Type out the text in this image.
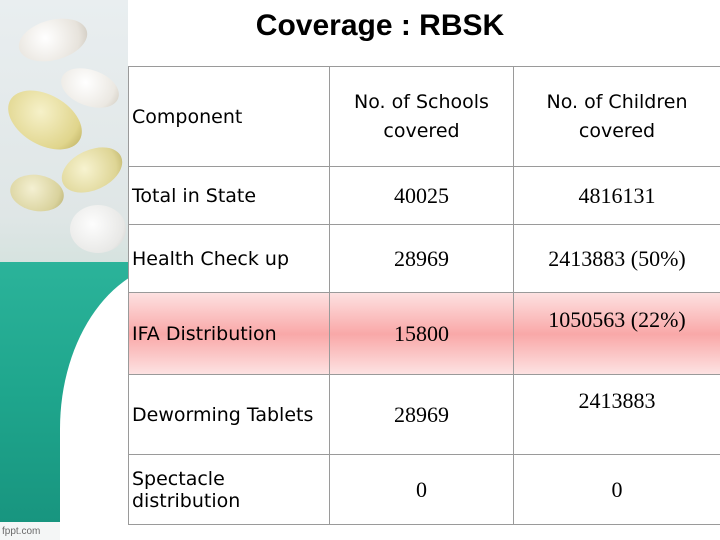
fppt.com
Coverage : RBSK
Component	No. of Schools covered	No. of Children covered
Total in State	40025	4816131
Health Check up	28969	2413883 (50%)
IFA Distribution	15800	1050563 (22%)
Deworming Tablets	28969	2413883
Spectacle distribution	0	0
